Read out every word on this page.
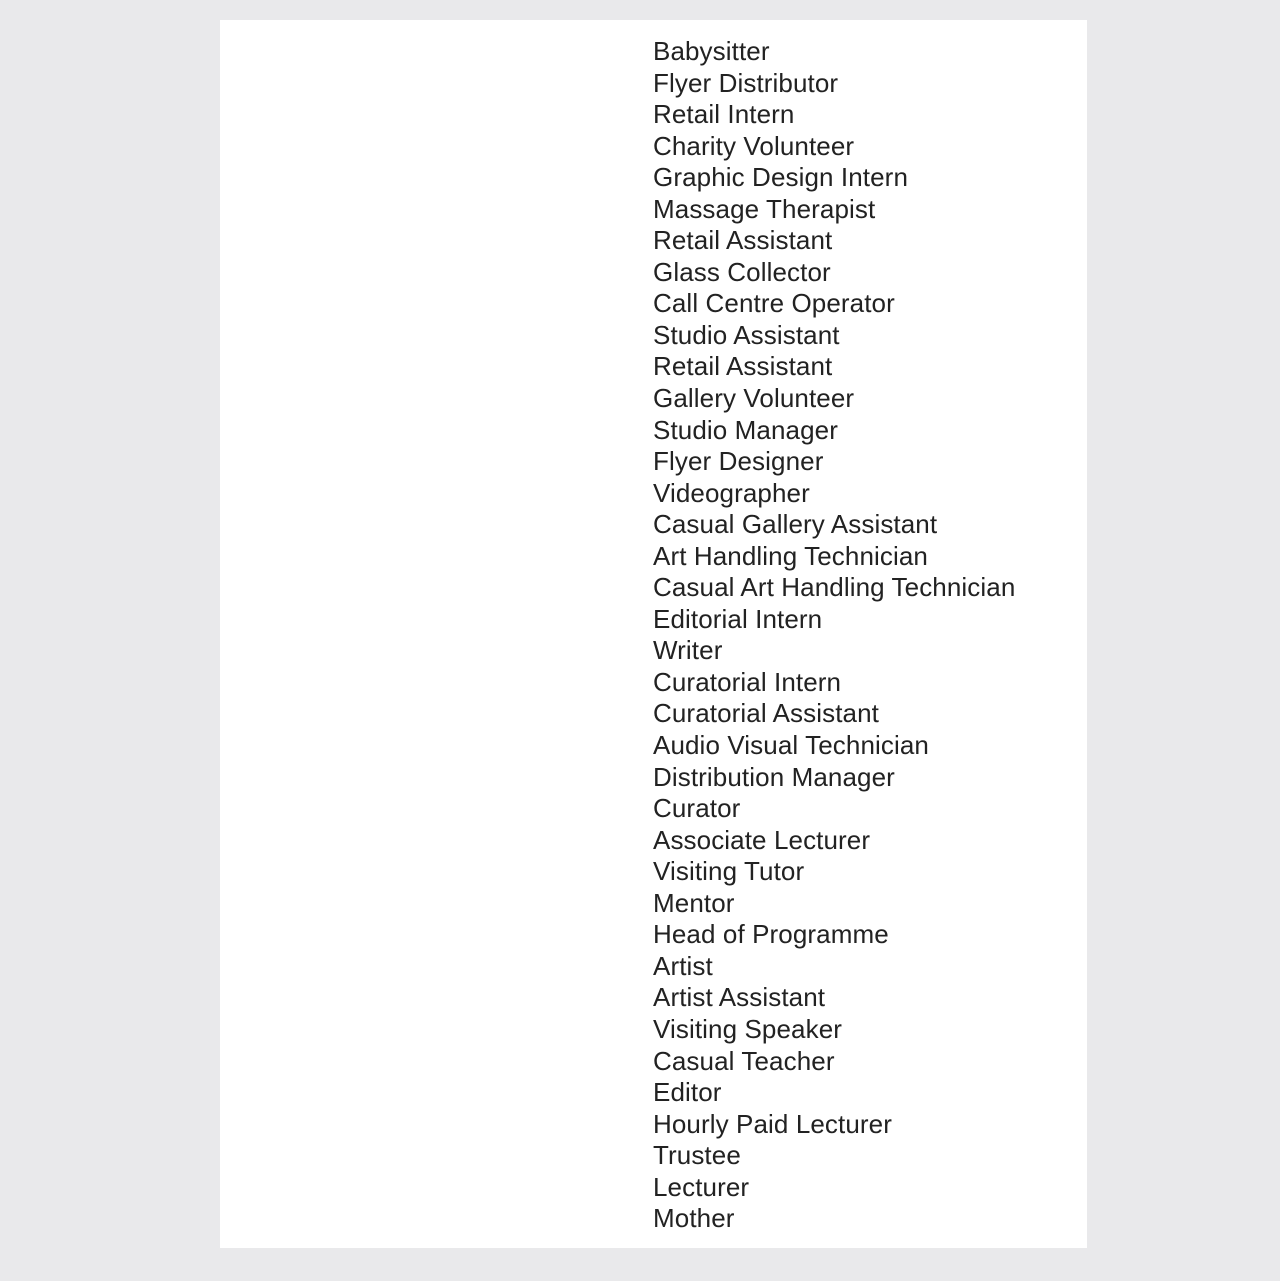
Babysitter
Flyer Distributor
Retail Intern
Charity Volunteer
Graphic Design Intern
Massage Therapist
Retail Assistant
Glass Collector
Call Centre Operator
Studio Assistant
Retail Assistant
Gallery Volunteer
Studio Manager
Flyer Designer
Videographer
Casual Gallery Assistant
Art Handling Technician
Casual Art Handling Technician
Editorial Intern
Writer
Curatorial Intern
Curatorial Assistant
Audio Visual Technician
Distribution Manager
Curator
Associate Lecturer
Visiting Tutor
Mentor
Head of Programme
Artist
Artist Assistant
Visiting Speaker
Casual Teacher
Editor
Hourly Paid Lecturer
Trustee
Lecturer
Mother
